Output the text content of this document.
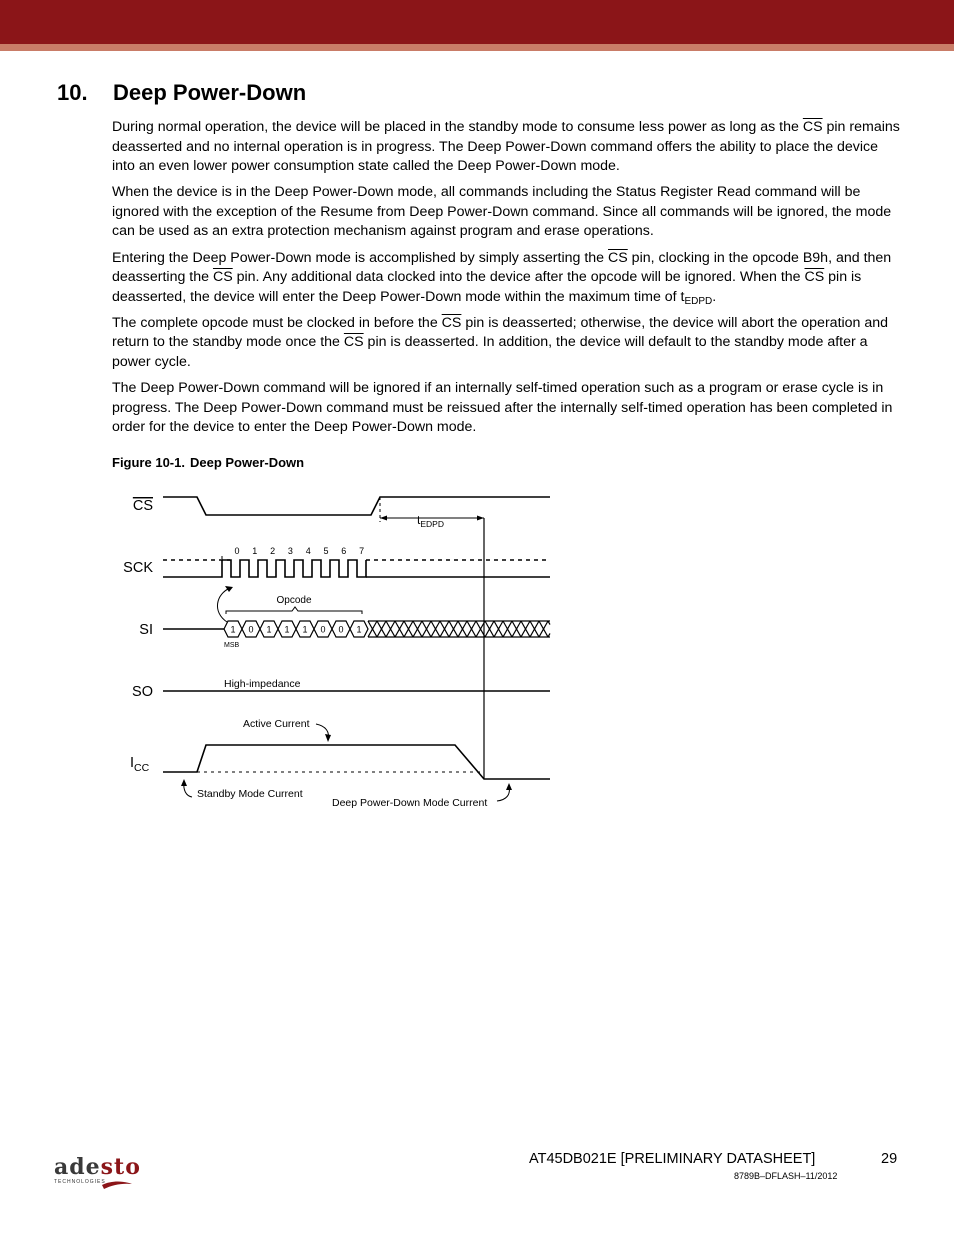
10. Deep Power-Down

During normal operation, the device will be placed in the standby mode to consume less power as long as the $\overline{CS}$ pin remains deasserted and no internal operation is in progress. The Deep Power-Down command offers the ability to place the device into an even lower power consumption state called the Deep Power-Down mode.

When the device is in the Deep Power-Down mode, all commands including the Status Register Read command will be ignored with the exception of the Resume from Deep Power-Down command. Since all commands will be ignored, the mode can be used as an extra protection mechanism against program and erase operations.

Entering the Deep Power-Down mode is accomplished by simply asserting the $\overline{CS}$ pin, clocking in the opcode B9h, and then deasserting the $\overline{CS}$ pin. Any additional data clocked into the device after the opcode will be ignored. When the $\overline{CS}$ pin is deasserted, the device will enter the Deep Power-Down mode within the maximum time of $t_{EDPD}$.

The complete opcode must be clocked in before the $\overline{CS}$ pin is deasserted; otherwise, the device will abort the operation and return to the standby mode once the $\overline{CS}$ pin is deasserted. In addition, the device will default to the standby mode after a power cycle.

The Deep Power-Down command will be ignored if an internally self-timed operation such as a program or erase cycle is in progress. The Deep Power-Down command must be reissued after the internally self-timed operation has been completed in order for the device to enter the Deep Power-Down mode.

Figure 10-1. Deep Power-Down
1 0 1 1 1 0 0 1
CS
SCK
SI
SO
$I_{CC}$
$t_{EDPD}$
0 1 2 3 4 5 6 7
Opcode
MSB
High-impedance
Active Current
Standby Mode Current
Deep Power-Down Mode Current
adesto
TECHNOLOGIES
AT45DB021E [PRELIMINARY DATASHEET]	29
8789B–DFLASH–11/2012
